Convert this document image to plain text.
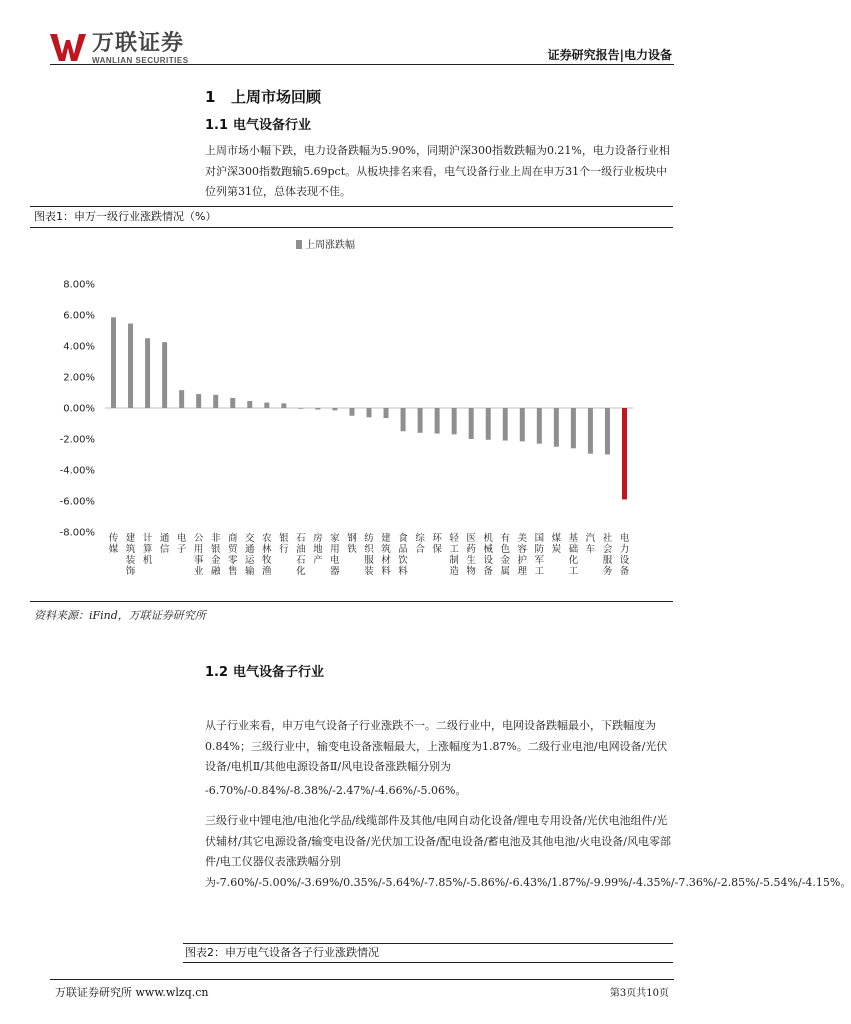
万联证券
WANLIAN SECURITIES	证券研究报告|电力设备
1 上周市场回顾
1.1 电气设备行业
上周市场小幅下跌，电力设备跌幅为5.90%，同期沪深300指数跌幅为0.21%，电力设备行业相对沪深300指数跑输5.69pct。从板块排名来看，电气设备行业上周在申万31个一级行业板块中位列第31位，总体表现不佳。
图表1：申万一级行业涨跌情况（%）
上周涨跌幅
8.00%
6.00%
4.00%
2.00%
0.00%
-2.00%
-4.00%
-6.00%
-8.00% 传媒
建筑装饰
计算机
通信
电子
公用事业
非银金融
商贸零售
交通运输
农林牧渔
银行
石油石化
房地产
家用电器
钢铁
纺织服装
建筑材料
食品饮料
综合
环保
轻工制造
医药生物
机械设备
有色金属
美容护理
国防军工
煤炭
基础化工
汽车
社会服务
电力设备
资料来源：iFind，万联证券研究所
1.2 电气设备子行业
从子行业来看，申万电气设备子行业涨跌不一。二级行业中，电网设备跌幅最小，下跌幅度为0.84%；三级行业中，输变电设备涨幅最大，上涨幅度为1.87%。二级行业电池/电网设备/光伏设备/电机Ⅱ/其他电源设备Ⅱ/风电设备涨跌幅分别为
-6.70%/-0.84%/-8.38%/-2.47%/-4.66%/-5.06%。
三级行业中锂电池/电池化学品/线缆部件及其他/电网自动化设备/锂电专用设备/光伏电池组件/光伏辅材/其它电源设备/输变电设备/光伏加工设备/配电设备/蓄电池及其他电池/火电设备/风电零部件/电工仪器仪表涨跌幅分别为-7.60%/-5.00%/-3.69%/0.35%/-5.64%/-7.85%/-5.86%/-6.43%/1.87%/-9.99%/-4.35%/-7.36%/-2.85%/-5.54%/-4.15%。
图表2：申万电气设备各子行业涨跌情况
万联证券研究所 www.wlzq.cn	第3页共10页
